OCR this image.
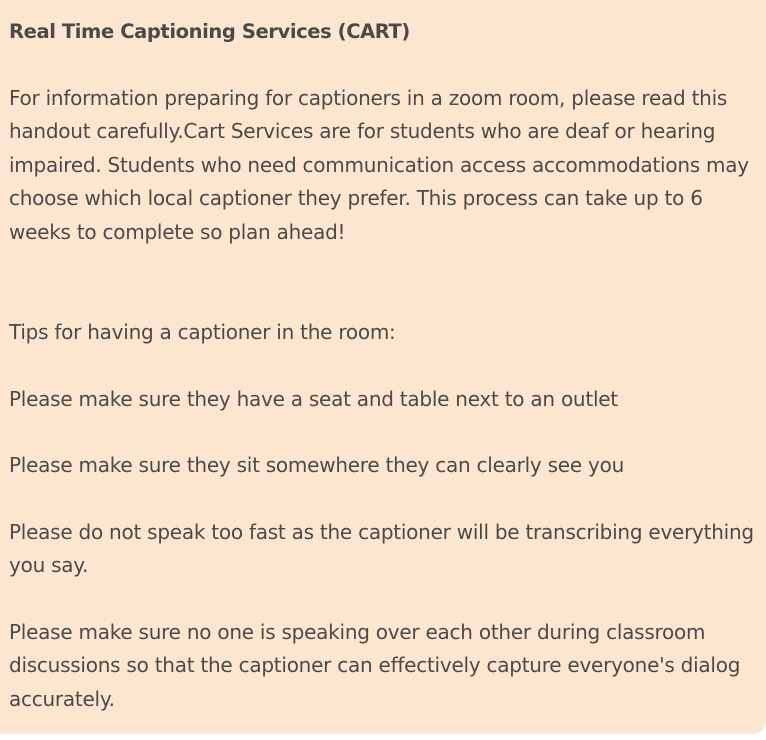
Real Time Captioning Services (CART)

For information preparing for captioners in a zoom room, please read this handout carefully.Cart Services are for students who are deaf or hearing impaired. Students who need communication access accommodations may choose which local captioner they prefer. This process can take up to 6 weeks to complete so plan ahead!

Tips for having a captioner in the room:

Please make sure they have a seat and table next to an outlet

Please make sure they sit somewhere they can clearly see you

Please do not speak too fast as the captioner will be transcribing everything you say.

Please make sure no one is speaking over each other during classroom discussions so that the captioner can effectively capture everyone's dialog accurately.
